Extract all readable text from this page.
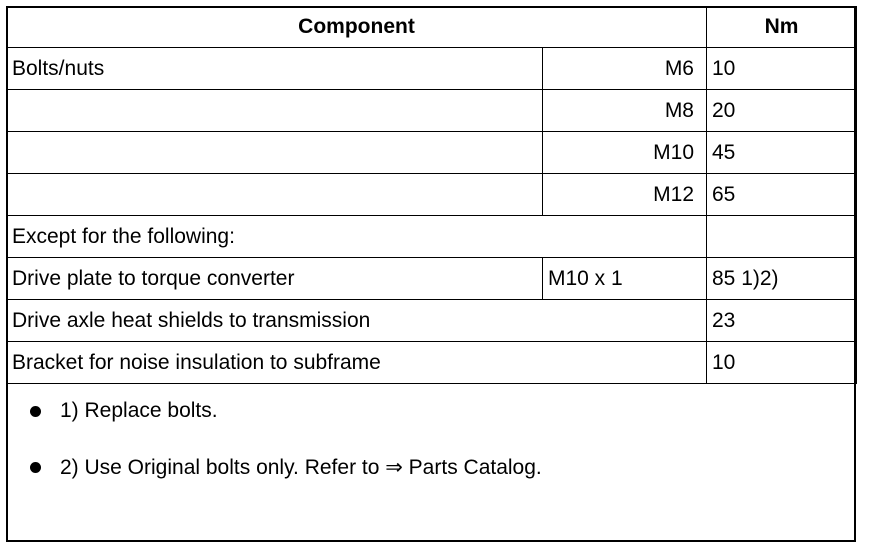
Component		Nm
Bolts/nuts	M6	10
	M8	20
	M10	45
	M12	65
Except for the following:		
Drive plate to torque converter	M10 x 1	85 1)2)
Drive axle heat shields to transmission		23
Bracket for noise insulation to subframe		10
1) Replace bolts.
2) Use Original bolts only. Refer to ⇒ Parts Catalog.
